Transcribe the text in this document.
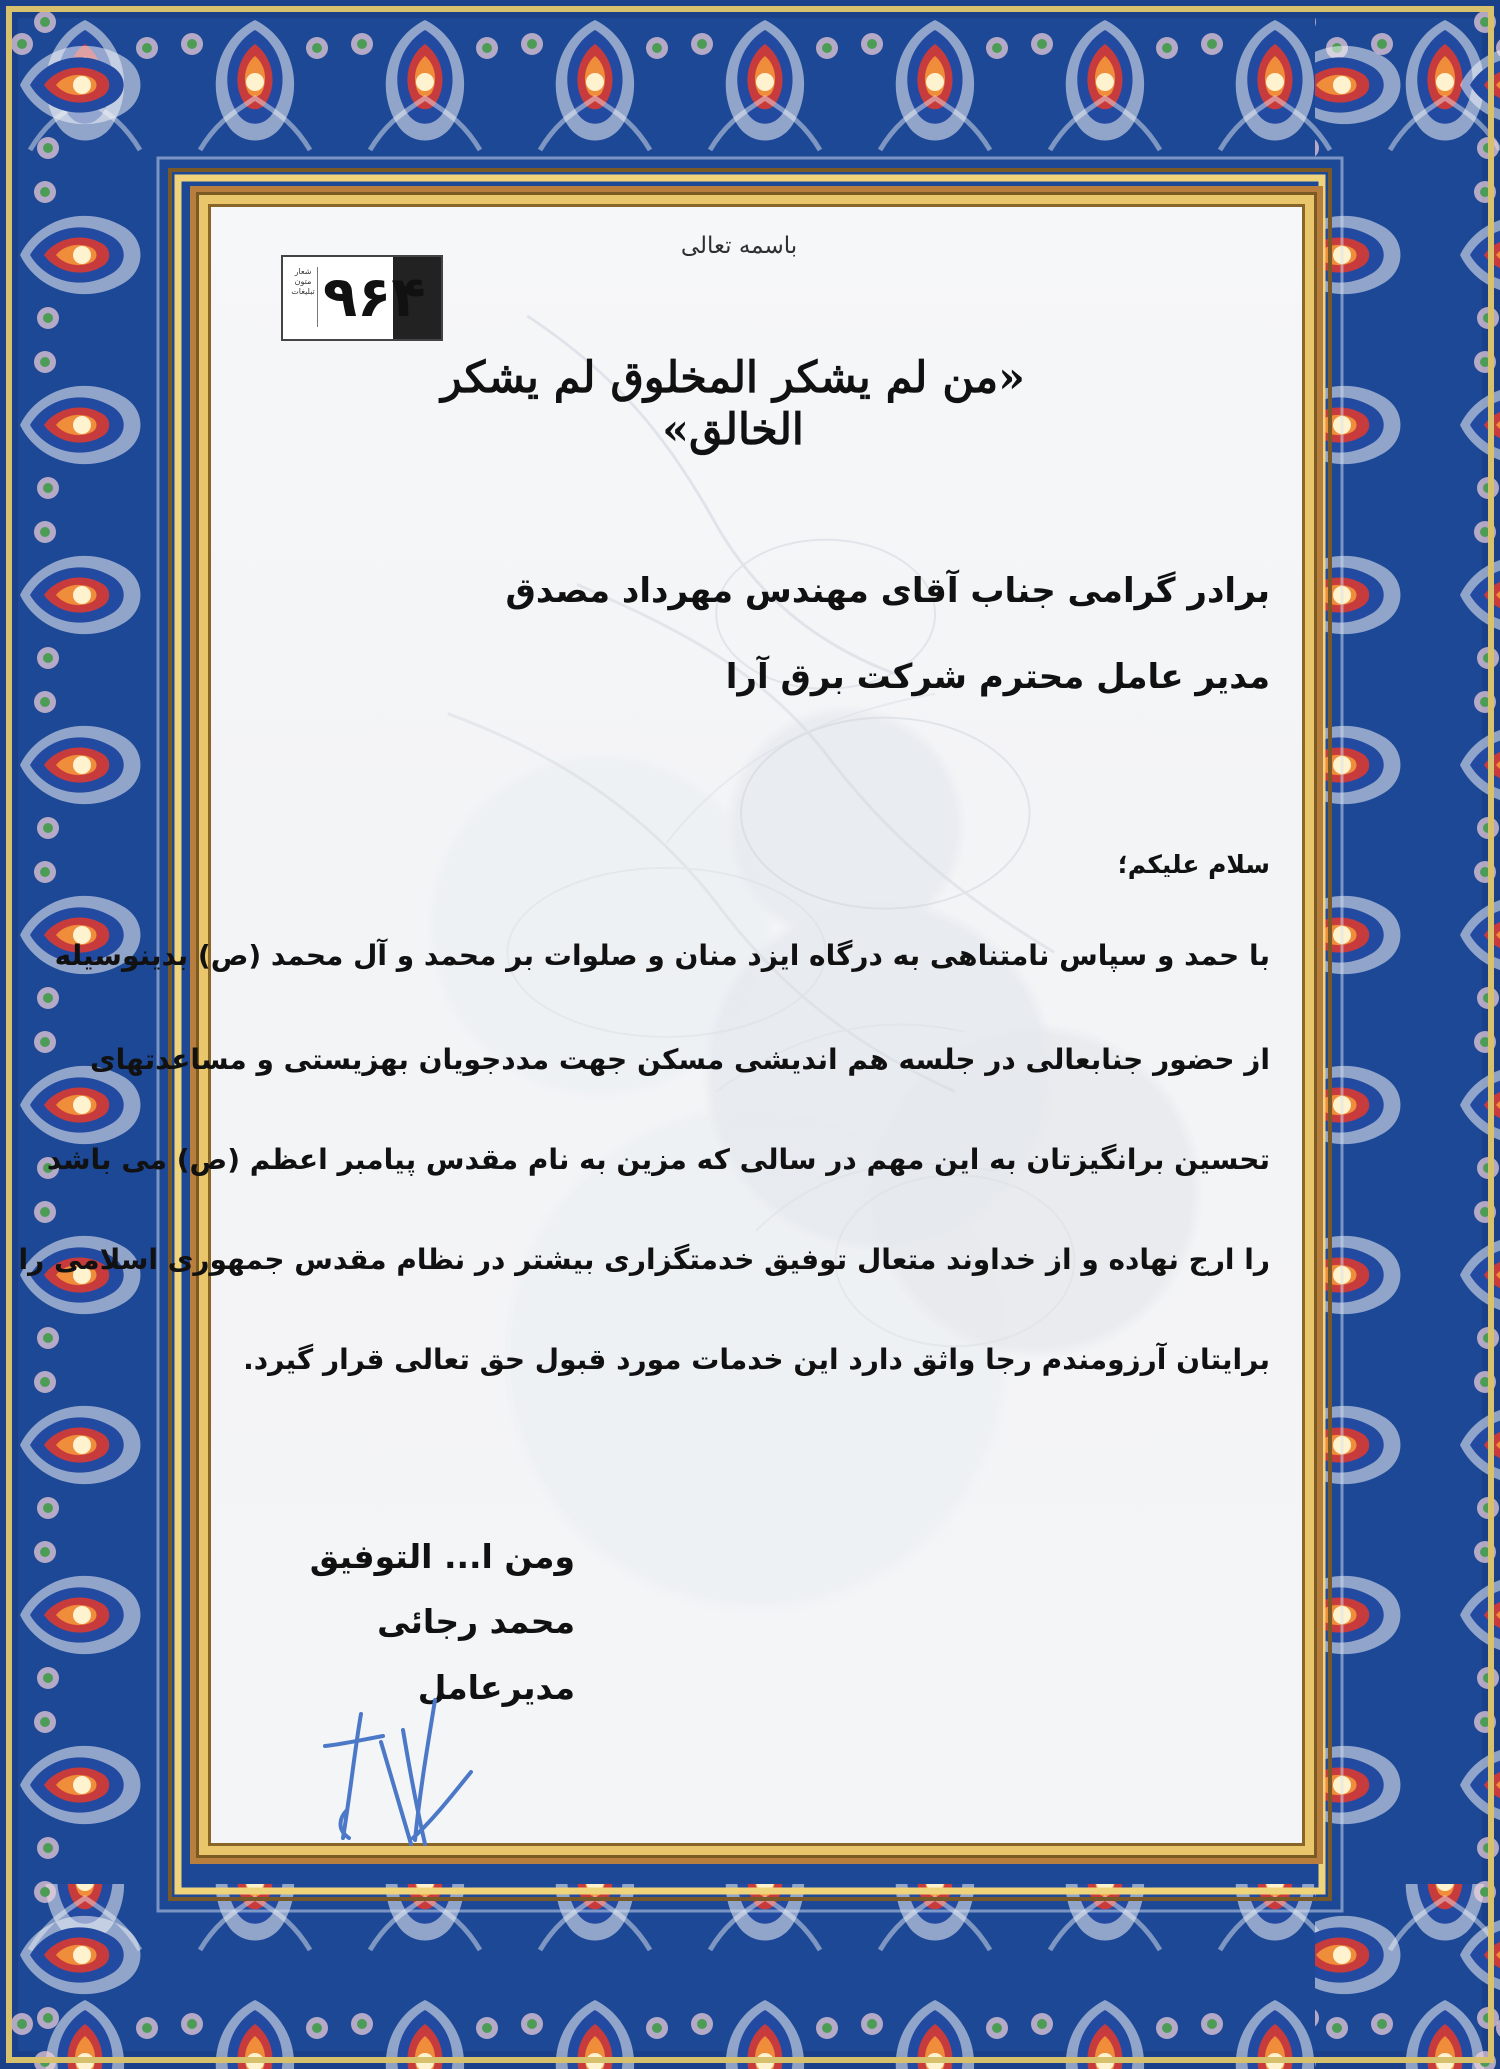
باسمه تعالی
شعار
متون
تبلیغات ۹۶۴
«من لم یشکر المخلوق لم یشکر الخالق»
برادر گرامی جناب آقای مهندس مهرداد مصدق
مدیر عامل محترم شرکت برق آرا
سلام علیکم؛
با حمد و سپاس نامتناهی به درگاه ایزد منان و صلوات بر محمد و آل محمد (ص) بدینوسیله
از حضور جنابعالی در جلسه هم اندیشی مسکن جهت مددجویان بهزیستی و مساعدتهای
تحسین برانگیزتان به این مهم در سالی که مزین به نام مقدس پیامبر اعظم (ص) می باشد
را ارج نهاده و از خداوند متعال توفیق خدمتگزاری بیشتر در نظام مقدس جمهوری اسلامی را
برایتان آرزومندم رجا واثق دارد این خدمات مورد قبول حق تعالی قرار گیرد.
ومن ا... التوفیق
محمد رجائی
مدیرعامل
